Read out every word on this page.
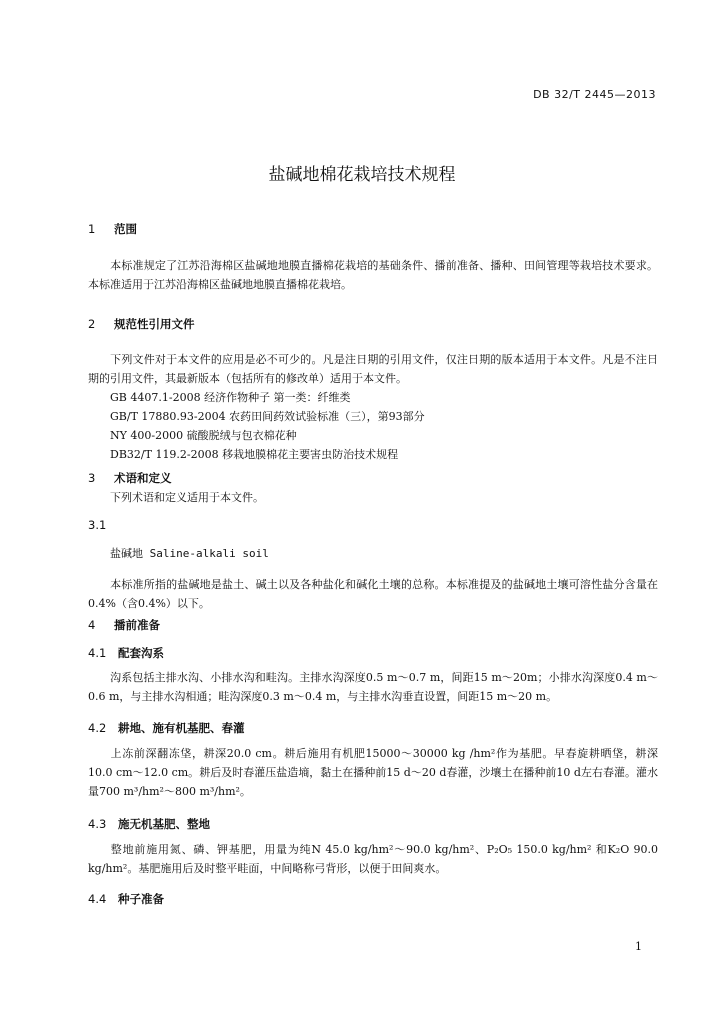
DB 32/T 2445—2013
盐碱地棉花栽培技术规程
1 范围
本标准规定了江苏沿海棉区盐碱地地膜直播棉花栽培的基础条件、播前准备、播种、田间管理等栽培技术要求。本标准适用于江苏沿海棉区盐碱地地膜直播棉花栽培。
2 规范性引用文件
下列文件对于本文件的应用是必不可少的。凡是注日期的引用文件，仅注日期的版本适用于本文件。凡是不注日期的引用文件，其最新版本（包括所有的修改单）适用于本文件。
GB 4407.1-2008 经济作物种子 第一类：纤维类
GB/T 17880.93-2004 农药田间药效试验标准（三），第93部分
NY 400-2000 硫酸脱绒与包衣棉花种
DB32/T 119.2-2008 移栽地膜棉花主要害虫防治技术规程
3 术语和定义
下列术语和定义适用于本文件。
3.1
盐碱地 Saline-alkali soil
本标准所指的盐碱地是盐土、碱土以及各种盐化和碱化土壤的总称。本标准提及的盐碱地土壤可溶性盐分含量在0.4%（含0.4%）以下。
4 播前准备
4.1 配套沟系
沟系包括主排水沟、小排水沟和畦沟。主排水沟深度0.5 m～0.7 m，间距15 m～20m；小排水沟深度0.4 m～0.6 m，与主排水沟相通；畦沟深度0.3 m～0.4 m，与主排水沟垂直设置，间距15 m～20 m。
4.2 耕地、施有机基肥、春灌
上冻前深翻冻垡，耕深20.0 cm。耕后施用有机肥15000～30000 kg /hm²作为基肥。早春旋耕晒垡，耕深10.0 cm～12.0 cm。耕后及时春灌压盐造墒，黏土在播种前15 d～20 d春灌，沙壤土在播种前10 d左右春灌。灌水量700 m³/hm²～800 m³/hm²。
4.3 施无机基肥、整地
整地前施用氮、磷、钾基肥，用量为纯N 45.0 kg/hm²～90.0 kg/hm²、P₂O₅ 150.0 kg/hm² 和K₂O 90.0 kg/hm²。基肥施用后及时整平畦面，中间略称弓背形，以便于田间爽水。
4.4 种子准备
1
